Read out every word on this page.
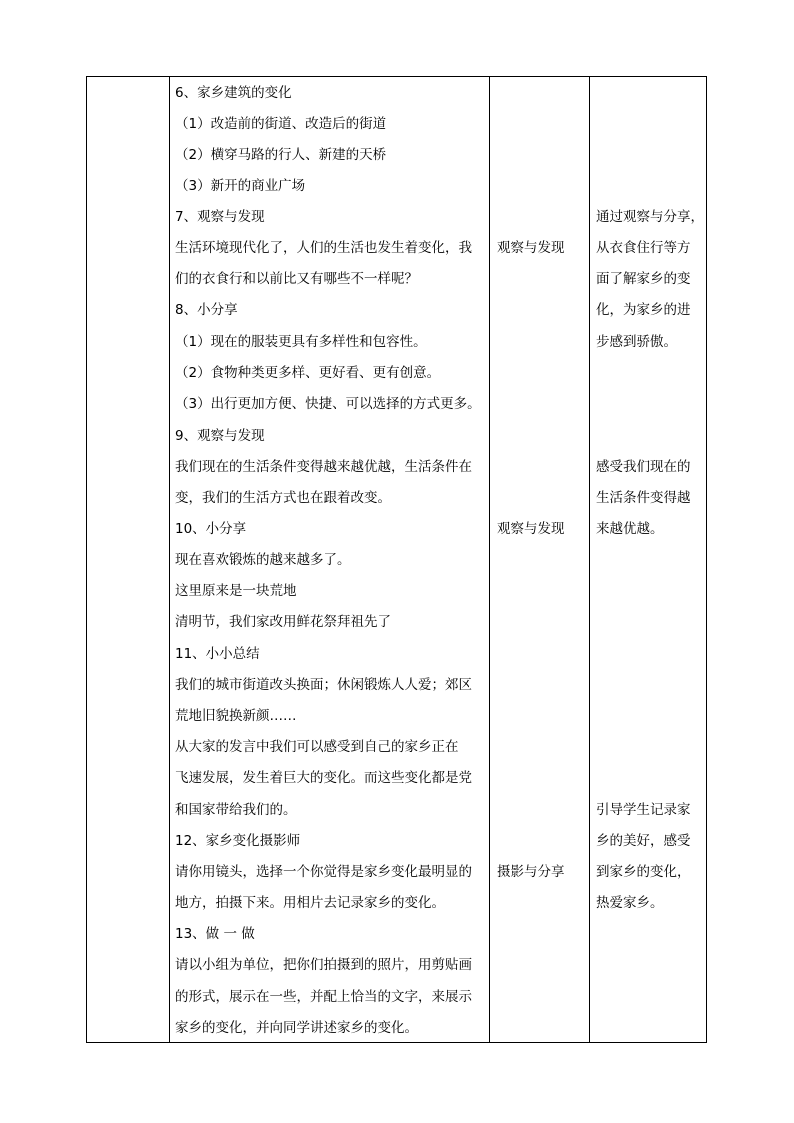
6、家乡建筑的变化
（1）改造前的街道、改造后的街道
（2）横穿马路的行人、新建的天桥
（3）新开的商业广场
7、观察与发现
生活环境现代化了，人们的生活也发生着变化，我
们的衣食行和以前比又有哪些不一样呢？
8、小分享
（1）现在的服装更具有多样性和包容性。
（2）食物种类更多样、更好看、更有创意。
（3）出行更加方便、快捷、可以选择的方式更多。
9、观察与发现
我们现在的生活条件变得越来越优越，生活条件在
变，我们的生活方式也在跟着改变。
10、小分享
现在喜欢锻炼的越来越多了。
这里原来是一块荒地
清明节，我们家改用鲜花祭拜祖先了
11、小小总结
我们的城市街道改头换面；休闲锻炼人人爱；郊区
荒地旧貌换新颜……
从大家的发言中我们可以感受到自己的家乡正在
飞速发展，发生着巨大的变化。而这些变化都是党
和国家带给我们的。
12、家乡变化摄影师
请你用镜头，选择一个你觉得是家乡变化最明显的
地方，拍摄下来。用相片去记录家乡的变化。
13、做 一 做
请以小组为单位，把你们拍摄到的照片，用剪贴画
的形式，展示在一些，并配上恰当的文字，来展示
家乡的变化，并向同学讲述家乡的变化。
观察与发现
观察与发现
摄影与分享
通过观察与分享，
从衣食住行等方
面了解家乡的变
化，为家乡的进
步感到骄傲。
感受我们现在的
生活条件变得越
来越优越。
引导学生记录家
乡的美好，感受
到家乡的变化，
热爱家乡。
